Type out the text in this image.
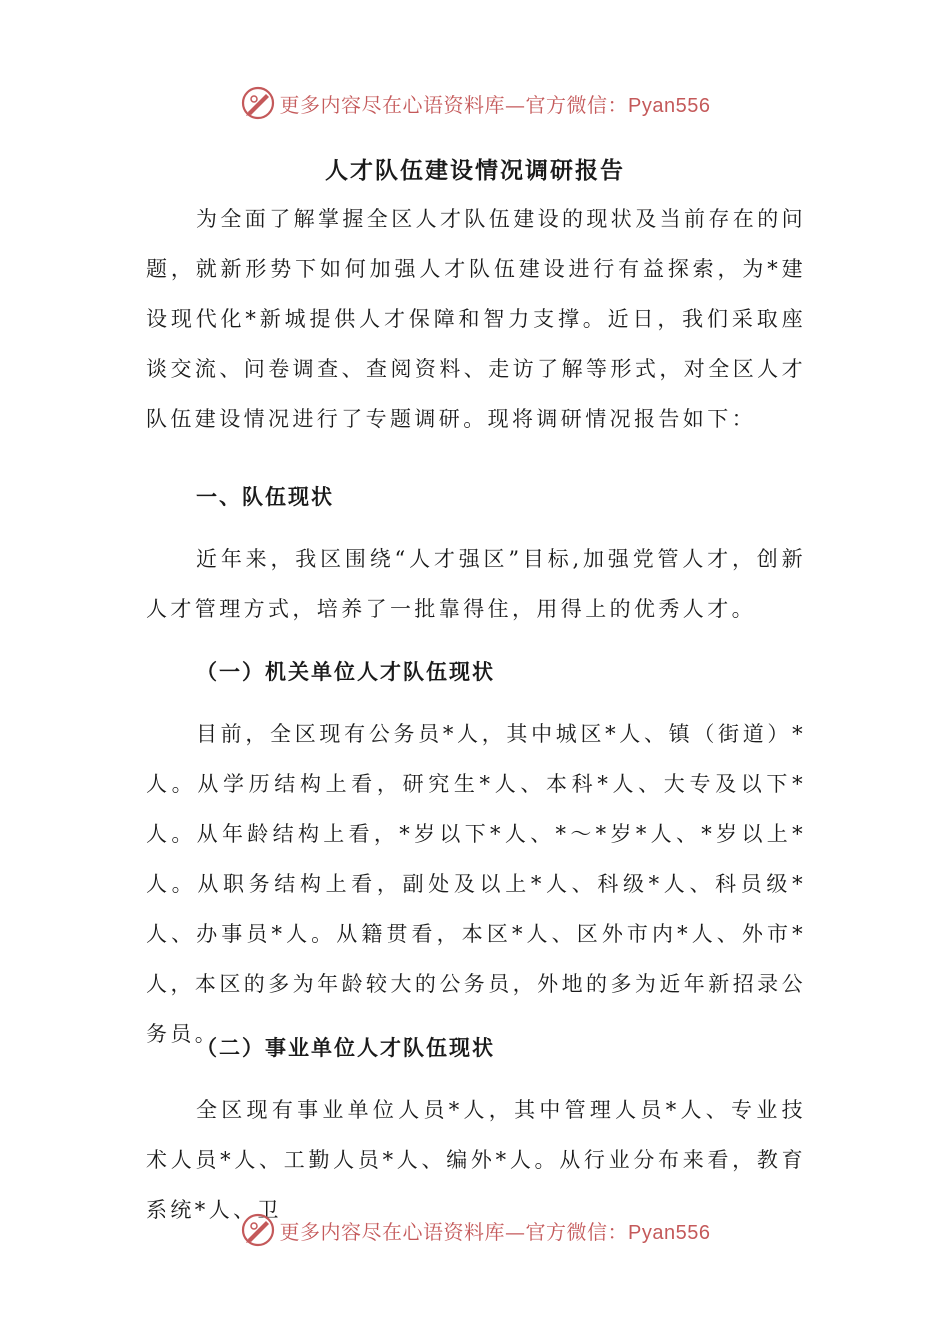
更多内容尽在心语资料库—官方微信：Pyan556
人才队伍建设情况调研报告
为全面了解掌握全区人才队伍建设的现状及当前存在的问题，就新形势下如何加强人才队伍建设进行有益探索，为*建设现代化*新城提供人才保障和智力支撑。近日，我们采取座谈交流、问卷调查、查阅资料、走访了解等形式，对全区人才队伍建设情况进行了专题调研。现将调研情况报告如下：
一、队伍现状
近年来，我区围绕“人才强区”目标,加强党管人才，创新人才管理方式，培养了一批靠得住，用得上的优秀人才。
（一）机关单位人才队伍现状
目前，全区现有公务员*人，其中城区*人、镇（街道）*人。从学历结构上看，研究生*人、本科*人、大专及以下*人。从年龄结构上看，*岁以下*人、*～*岁*人、*岁以上*人。从职务结构上看，副处及以上*人、科级*人、科员级*人、办事员*人。从籍贯看，本区*人、区外市内*人、外市*人，本区的多为年龄较大的公务员，外地的多为近年新招录公务员。
（二）事业单位人才队伍现状
全区现有事业单位人员*人，其中管理人员*人、专业技术人员*人、工勤人员*人、编外*人。从行业分布来看，教育系统*人、卫
更多内容尽在心语资料库—官方微信：Pyan556
